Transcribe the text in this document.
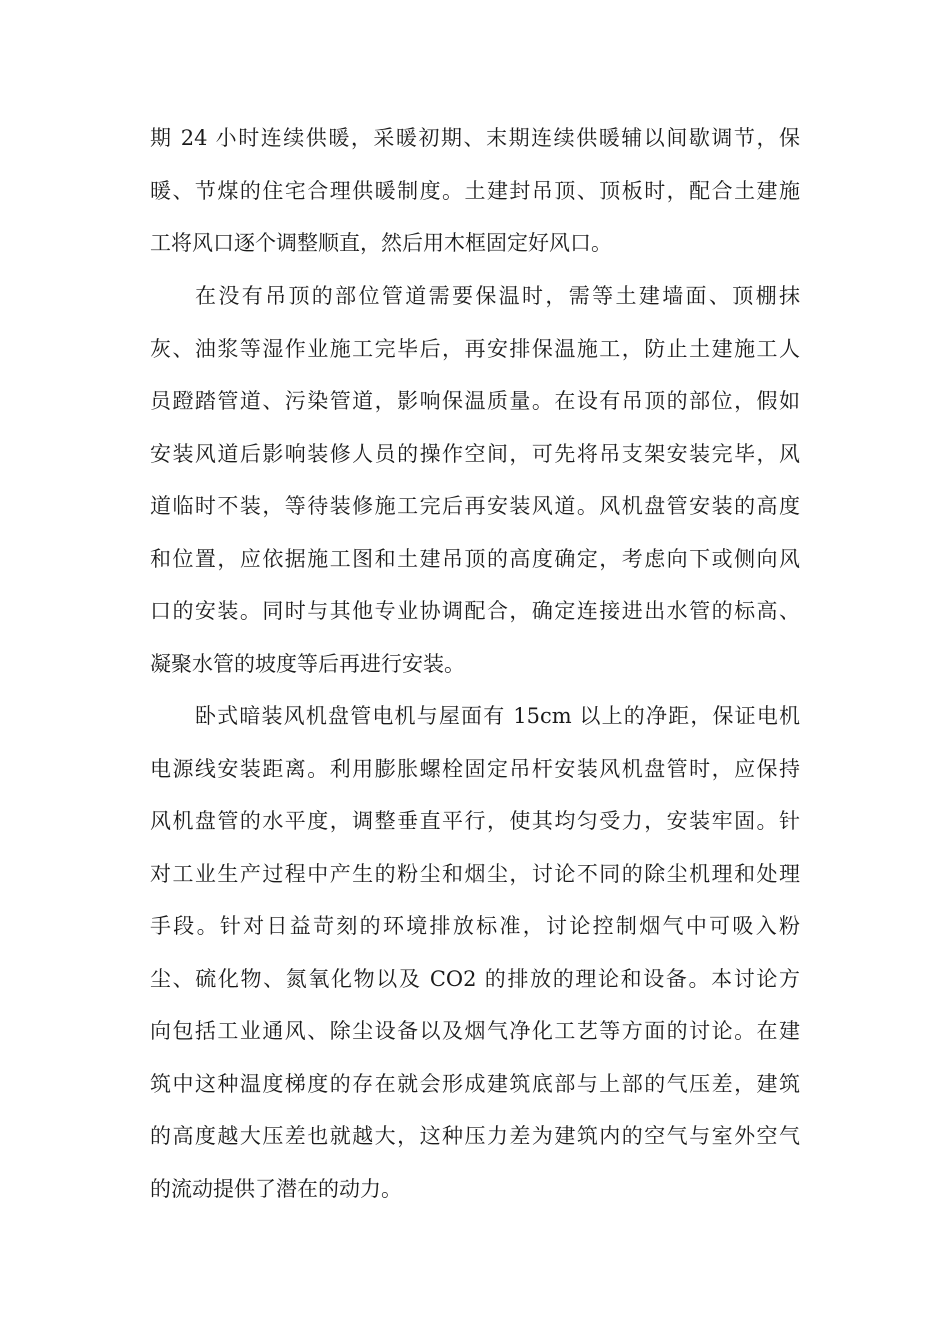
期 24 小时连续供暖，采暖初期、末期连续供暖辅以间歇调节，保
暖、节煤的住宅合理供暖制度。土建封吊顶、顶板时，配合土建施
工将风口逐个调整顺直，然后用木框固定好风口。
在没有吊顶的部位管道需要保温时，需等土建墙面、顶棚抹
灰、油浆等湿作业施工完毕后，再安排保温施工，防止土建施工人
员蹬踏管道、污染管道，影响保温质量。在设有吊顶的部位，假如
安装风道后影响装修人员的操作空间，可先将吊支架安装完毕，风
道临时不装，等待装修施工完后再安装风道。风机盘管安装的高度
和位置，应依据施工图和土建吊顶的高度确定，考虑向下或侧向风
口的安装。同时与其他专业协调配合，确定连接进出水管的标高、
凝聚水管的坡度等后再进行安装。
卧式暗装风机盘管电机与屋面有 15cm 以上的净距，保证电机
电源线安装距离。利用膨胀螺栓固定吊杆安装风机盘管时，应保持
风机盘管的水平度，调整垂直平行，使其均匀受力，安装牢固。针
对工业生产过程中产生的粉尘和烟尘，讨论不同的除尘机理和处理
手段。针对日益苛刻的环境排放标准，讨论控制烟气中可吸入粉
尘、硫化物、氮氧化物以及 CO2 的排放的理论和设备。本讨论方
向包括工业通风、除尘设备以及烟气净化工艺等方面的讨论。在建
筑中这种温度梯度的存在就会形成建筑底部与上部的气压差，建筑
的高度越大压差也就越大，这种压力差为建筑内的空气与室外空气
的流动提供了潜在的动力。
